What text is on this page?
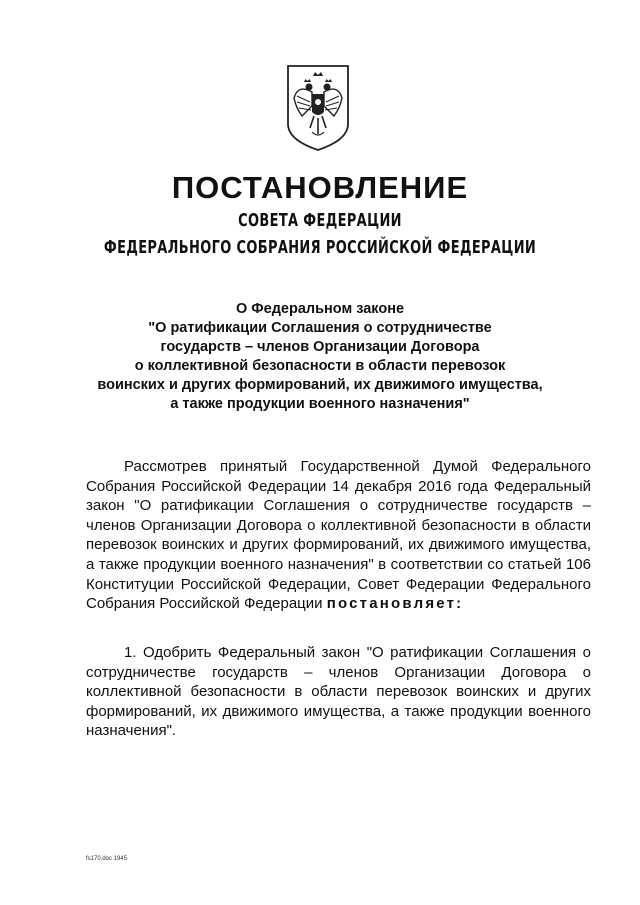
ПОСТАНОВЛЕНИЕ
СОВЕТА ФЕДЕРАЦИИ
ФЕДЕРАЛЬНОГО СОБРАНИЯ РОССИЙСКОЙ ФЕДЕРАЦИИ
О Федеральном законе
"О ратификации Соглашения о сотрудничестве
государств – членов Организации Договора
о коллективной безопасности в области перевозок
воинских и других формирований, их движимого имущества,
а также продукции военного назначения"
Рассмотрев принятый Государственной Думой Федерального Собрания Российской Федерации 14 декабря 2016 года Федеральный закон "О ратификации Соглашения о сотрудничестве государств – членов Организации Договора о коллективной безопасности в области перевозок воинских и других формирований, их движимого имущества, а также продукции военного назначения" в соответствии со статьей 106 Конституции Российской Федерации, Совет Федерации Федерального Собрания Российской Федерации постановляет:
1. Одобрить Федеральный закон "О ратификации Соглашения о сотрудничестве государств – членов Организации Договора о коллективной безопасности в области перевозок воинских и других формирований, их движимого имущества, а также продукции военного назначения".
fs170.doc 1945
